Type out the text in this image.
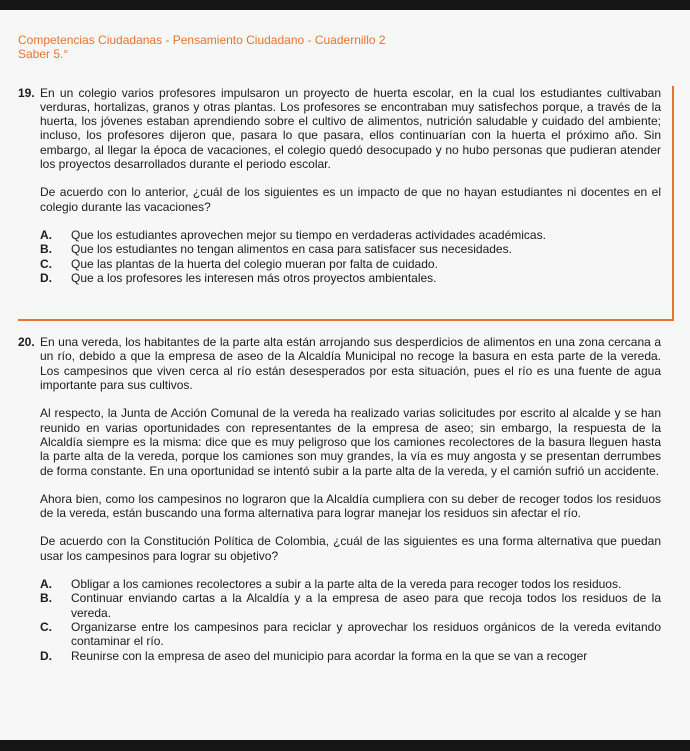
Competencias Ciudadanas - Pensamiento Ciudadano - Cuadernillo 2
Saber 5.°
19. En un colegio varios profesores impulsaron un proyecto de huerta escolar, en la cual los estudiantes cultivaban verduras, hortalizas, granos y otras plantas. Los profesores se encontraban muy satisfechos porque, a través de la huerta, los jóvenes estaban aprendiendo sobre el cultivo de alimentos, nutrición saludable y cuidado del ambiente; incluso, los profesores dijeron que, pasara lo que pasara, ellos continuarían con la huerta el próximo año. Sin embargo, al llegar la época de vacaciones, el colegio quedó desocupado y no hubo personas que pudieran atender los proyectos desarrollados durante el periodo escolar.

De acuerdo con lo anterior, ¿cuál de los siguientes es un impacto de que no hayan estudiantes ni docentes en el colegio durante las vacaciones?

A.	Que los estudiantes aprovechen mejor su tiempo en verdaderas actividades académicas.
B.	Que los estudiantes no tengan alimentos en casa para satisfacer sus necesidades.
C.	Que las plantas de la huerta del colegio mueran por falta de cuidado.
D.	Que a los profesores les interesen más otros proyectos ambientales.
20. En una vereda, los habitantes de la parte alta están arrojando sus desperdicios de alimentos en una zona cercana a un río, debido a que la empresa de aseo de la Alcaldía Municipal no recoge la basura en esta parte de la vereda. Los campesinos que viven cerca al río están desesperados por esta situación, pues el río es una fuente de agua importante para sus cultivos.

Al respecto, la Junta de Acción Comunal de la vereda ha realizado varias solicitudes por escrito al alcalde y se han reunido en varias oportunidades con representantes de la empresa de aseo; sin embargo, la respuesta de la Alcaldía siempre es la misma: dice que es muy peligroso que los camiones recolectores de la basura lleguen hasta la parte alta de la vereda, porque los camiones son muy grandes, la vía es muy angosta y se presentan derrumbes de forma constante. En una oportunidad se intentó subir a la parte alta de la vereda, y el camión sufrió un accidente.

Ahora bien, como los campesinos no lograron que la Alcaldía cumpliera con su deber de recoger todos los residuos de la vereda, están buscando una forma alternativa para lograr manejar los residuos sin afectar el río.

De acuerdo con la Constitución Política de Colombia, ¿cuál de las siguientes es una forma alternativa que puedan usar los campesinos para lograr su objetivo?

A.	Obligar a los camiones recolectores a subir a la parte alta de la vereda para recoger todos los residuos.
B.	Continuar enviando cartas a la Alcaldía y a la empresa de aseo para que recoja todos los residuos de la vereda.
C.	Organizarse entre los campesinos para reciclar y aprovechar los residuos orgánicos de la vereda evitando contaminar el río.
D.	Reunirse con la empresa de aseo del municipio para acordar la forma en la que se van a recoger
